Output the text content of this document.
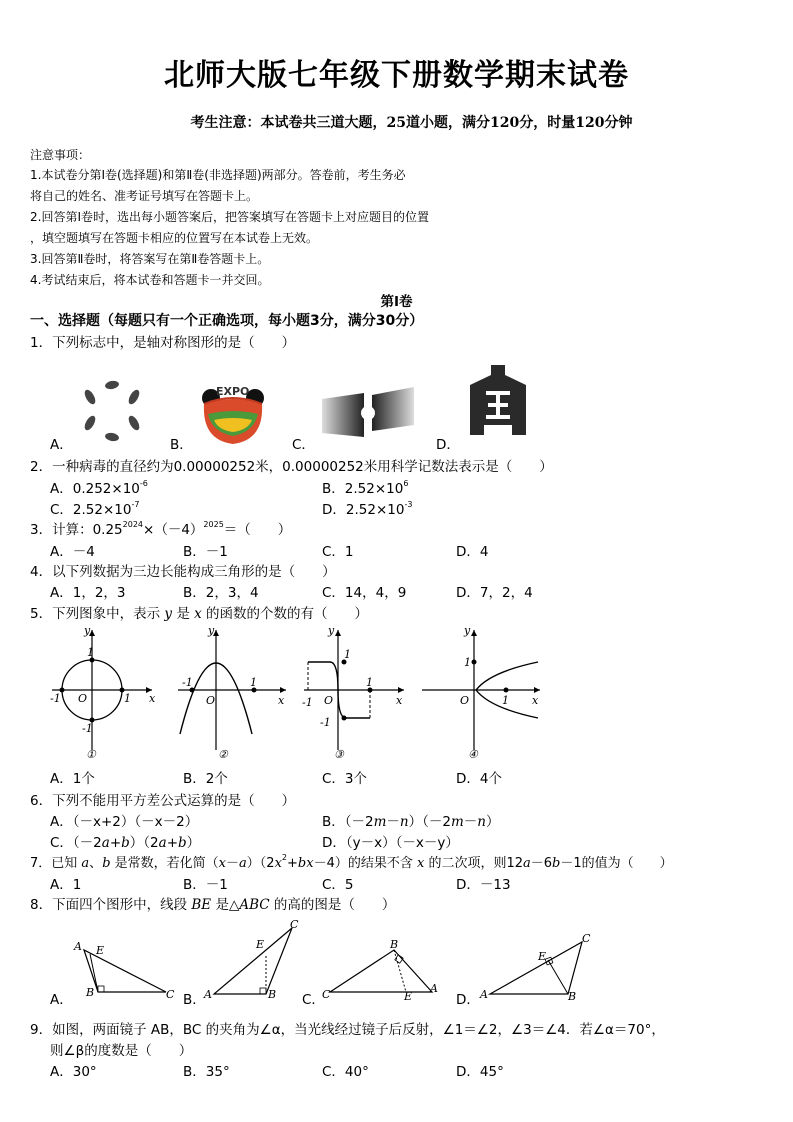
北师大版七年级下册数学期末试卷
考生注意：本试卷共三道大题，25道小题，满分120分，时量120分钟
注意事项：
1.本试卷分第Ⅰ卷(选择题)和第Ⅱ卷(非选择题)两部分。答卷前，考生务必
将自己的姓名、准考证号填写在答题卡上。
2.回答第Ⅰ卷时，选出每小题答案后，把答案填写在答题卡上对应题目的位置
，填空题填写在答题卡相应的位置写在本试卷上无效。
3.回答第Ⅱ卷时，将答案写在第Ⅱ卷答题卡上。
4.考试结束后，将本试卷和答题卡一并交回。
第Ⅰ卷
一、选择题（每题只有一个正确选项，每小题3分，满分30分）
1．下列标志中，是轴对称图形的是（　　）
A．
EXPO
B．	C．	D．
2．一种病毒的直径约为0.00000252米，0.00000252米用科学记数法表示是（　　）
A．$0.252\times 10^{-6}$	B．$2.52\times 10^6$
C．$2.52\times 10^{-7}$	D．$2.52\times 10^{-3}$
3．计算：$0.25^{2024}\times(-4)^{2025}=$（　　）
A．－4	B．－1	C．1	D．4
4．以下列数据为三边长能构成三角形的是（　　）
A．1，2，3	B．2，3，4	C．14，4，9	D．7，2，4
5．下列图象中，表示 y 是 x 的函数的个数的有（　　）
y
x
O
1
1
-1
-1
①
y
x
O
1
-1
②
y
x
O
1
1
-1
-1
③
y
x
O
1
1
④
A．1个	B．2个	C．3个	D．4个
6．下列不能用平方差公式运算的是（　　）
A．（－x+2）（－x－2）	B．（－2m－n）（－2m－n）
C．（－2a+b）（2a+b）	D．（y－x）（－x－y）
7．已知 a、b 是常数，若化简$(x-a)(2x^2+bx-4)$的结果不含 x 的二次项，则12a－6b－1的值为（　　）
A．1	B．－1	C．5	D．－13
8．下面四个图形中，线段 BE 是△ABC 的高的图是（　　）
A．
A E
B	C B．
A
E
B
C
C．
C
B
E
A
D． A
E
B
C
9．如图，两面镜子 AB，BC 的夹角为∠α，当光线经过镜子后反射，∠1＝∠2，∠3＝∠4．若∠α＝70°，
则∠β的度数是（　　）
A．30°	B．35°	C．40°	D．45°
